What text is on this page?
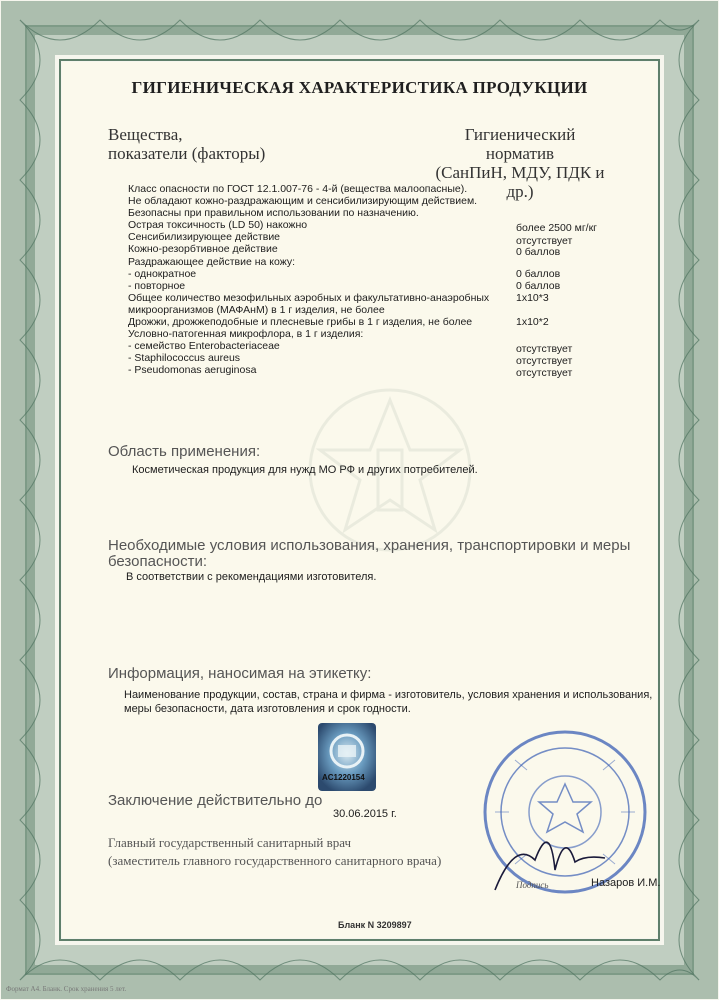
ГИГИЕНИЧЕСКАЯ ХАРАКТЕРИСТИКА ПРОДУКЦИИ
Вещества,
показатели (факторы)
Гигиенический
норматив
(СанПиН, МДУ, ПДК и др.)
Класс опасности по ГОСТ 12.1.007-76 - 4-й (вещества малоопасные).
Не обладают кожно-раздражающим и сенсибилизирующим действием.
Безопасны при правильном использовании по назначению.
Острая токсичность (LD 50) накожно	более 2500 мг/кг
Сенсибилизирующее действие	отсутствует
Кожно-резорбтивное действие	0 баллов
Раздражающее действие на кожу:
- однократное	0 баллов
- повторное	0 баллов
Общее количество мезофильных аэробных и факультативно-анаэробных	1х10*3
микроорганизмов (МАФАнМ) в 1 г изделия, не более
Дрожжи, дрожжеподобные и плесневые грибы в 1 г изделия, не более	1х10*2
Условно-патогенная микрофлора, в 1 г изделия:
- семейство Enterobacteriaceae	отсутствует
- Staphilococcus aureus	отсутствует
- Pseudomonas aeruginosa	отсутствует
Область применения:
Косметическая продукция для нужд МО РФ и других потребителей.
Необходимые условия использования, хранения, транспортировки и меры
безопасности:
В соответствии с рекомендациями изготовителя.
Информация, наносимая на этикетку:
Наименование продукции, состав, страна и фирма - изготовитель, условия хранения и использования,
меры безопасности, дата изготовления и срок годности.
AC1220154
Заключение действительно до
30.06.2015 г.
Главный государственный санитарный врач
(заместитель главного государственного санитарного врача)
Подпись	Назаров И.М.
Бланк N 3209897
Формат А4. Бланк. Срок хранения 5 лет.
